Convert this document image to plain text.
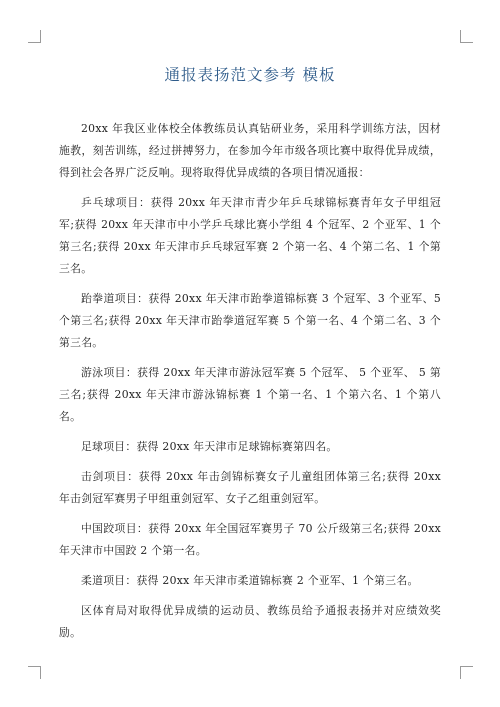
通报表扬范文参考 模板

20xx 年我区业体校全体教练员认真钻研业务，采用科学训练方法，因材施教，刻苦训练，经过拼搏努力，在参加今年市级各项比赛中取得优异成绩，得到社会各界广泛反响。现将取得优异成绩的各项目情况通报：

乒乓球项目：获得 20xx 年天津市青少年乒乓球锦标赛青年女子甲组冠军;获得 20xx 年天津市中小学乒乓球比赛小学组 4 个冠军、2 个亚军、1 个第三名;获得 20xx 年天津市乒乓球冠军赛 2 个第一名、4 个第二名、1 个第三名。

跆拳道项目：获得 20xx 年天津市跆拳道锦标赛 3 个冠军、3 个亚军、5 个第三名;获得 20xx 年天津市跆拳道冠军赛 5 个第一名、4 个第二名、3 个第三名。

游泳项目：获得 20xx 年天津市游泳冠军赛 5 个冠军、 5 个亚军、 5 第三名;获得 20xx 年天津市游泳锦标赛 1 个第一名、1 个第六名、1 个第八名。

足球项目：获得 20xx 年天津市足球锦标赛第四名。

击剑项目：获得 20xx 年击剑锦标赛女子儿童组团体第三名;获得 20xx 年击剑冠军赛男子甲组重剑冠军、女子乙组重剑冠军。

中国跤项目：获得 20xx 年全国冠军赛男子 70 公斤级第三名;获得 20xx 年天津市中国跤 2 个第一名。

柔道项目：获得 20xx 年天津市柔道锦标赛 2 个亚军、1 个第三名。

区体育局对取得优异成绩的运动员、教练员给予通报表扬并对应绩效奖励。
